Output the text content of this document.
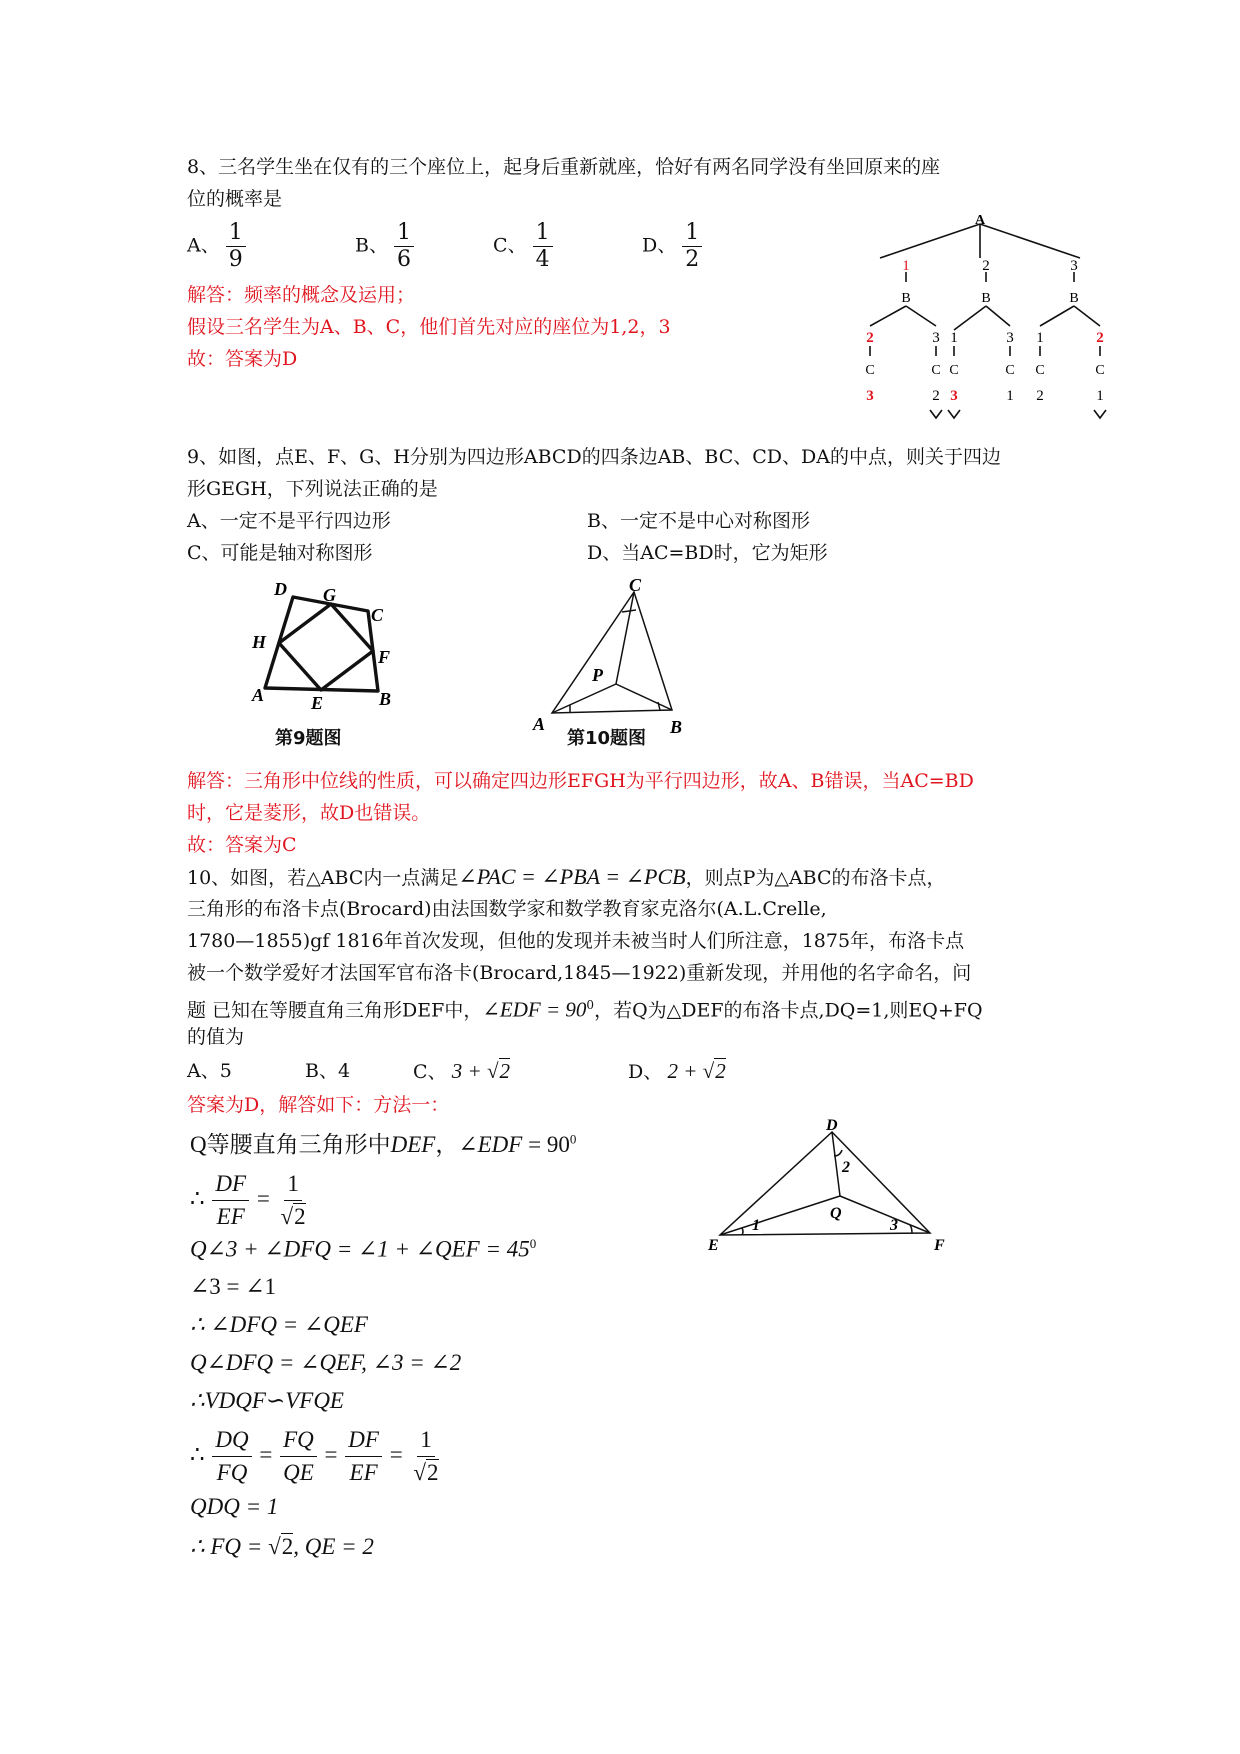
8、三名学生坐在仅有的三个座位上，起身后重新就座，恰好有两名同学没有坐回原来的座
位的概率是
A、 $\frac{1}{9}$	B、 $\frac{1}{6}$	C、 $\frac{1}{4}$	D、 $\frac{1}{2}$
解答：频率的概念及运用；
假设三名学生为A、B、C，他们首先对应的座位为1,2，3
故：答案为D
A
1	2	3
B	B	B
2	3 1	3 1	2
C	C C	C C	C
3	2 3	1 2	1
9、如图，点E、F、G、H分别为四边形ABCD的四条边AB、BC、CD、DA的中点，则关于四边
形GEGH，下列说法正确的是
A、一定不是平行四边形	B、一定不是中心对称图形
C、可能是轴对称图形	D、当AC=BD时，它为矩形
D G
C
H
F
A	E	B
第9题图
C
P
A	B
第10题图
解答：三角形中位线的性质，可以确定四边形EFGH为平行四边形，故A、B错误，当AC=BD
时，它是菱形，故D也错误。
故：答案为C
10、如图，若△ABC内一点满足∠PAC = ∠PBA = ∠PCB，则点P为△ABC的布洛卡点，
三角形的布洛卡点(Brocard)由法国数学家和数学教育家克洛尔(A.L.Crelle,
1780—1855)gf 1816年首次发现，但他的发现并未被当时人们所注意，1875年，布洛卡点
被一个数学爱好才法国军官布洛卡(Brocard,1845—1922)重新发现，并用他的名字命名，问
题 已知在等腰直角三角形DEF中，∠EDF = $90^0$，若Q为△DEF的布洛卡点,DQ=1,则EQ+FQ
的值为
A、5	B、4	C、 3 + √2	D、 2 + √2
答案为D，解答如下：方法一：
D
E	F
Q
1
2
3
Q等腰直角三角形中DEF，∠EDF = $90^0$
∴ $\frac{DF}{EF} = \frac{1}{√2}$
Q∠3 + ∠DFQ = ∠1 + ∠QEF = $45^0$
∠3 = ∠1
∴ ∠DFQ = ∠QEF
Q∠DFQ = ∠QEF, ∠3 = ∠2
∴VDQF∽VFQE
∴ $\frac{DQ}{FQ} = \frac{FQ}{QE} = \frac{DF}{EF} = \frac{1}{√2}$
QDQ = 1
∴ FQ = √2, QE = 2
